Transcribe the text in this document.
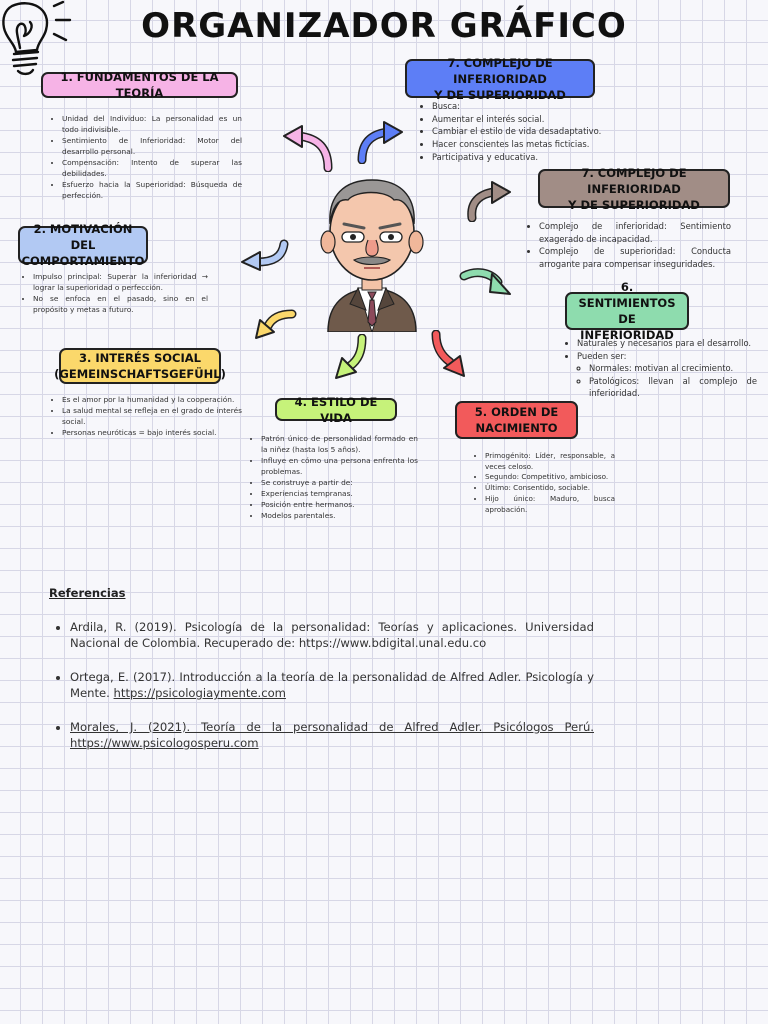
ORGANIZADOR GRÁFICO
1. FUNDAMENTOS DE LA TEORÍA
• Unidad del Individuo: La personalidad es un todo indivisible.
• Sentimiento de Inferioridad: Motor del desarrollo personal.
• Compensación: Intento de superar las debilidades.
• Esfuerzo hacia la Superioridad: Búsqueda de perfección.
7. COMPLEJO DE INFERIORIDAD
Y DE SUPERIORIDAD
• Busca:
• Aumentar el interés social.
• Cambiar el estilo de vida desadaptativo.
• Hacer conscientes las metas ficticias.
• Participativa y educativa.
7. COMPLEJO DE INFERIORIDAD
Y DE SUPERIORIDAD
• Complejo de inferioridad: Sentimiento exagerado de incapacidad.
• Complejo de superioridad: Conducta arrogante para compensar inseguridades.
2. MOTIVACIÓN DEL
COMPORTAMIENTO
• Impulso principal: Superar la inferioridad → lograr la superioridad o perfección.
• No se enfoca en el pasado, sino en el propósito y metas a futuro.
6. SENTIMIENTOS
DE INFERIORIDAD
• Naturales y necesarios para el desarrollo.
• Pueden ser:
◦ Normales: motivan al crecimiento.
◦ Patológicos: llevan al complejo de inferioridad.
3. INTERÉS SOCIAL
(GEMEINSCHAFTSGEFÜHL)
• Es el amor por la humanidad y la cooperación.
• La salud mental se refleja en el grado de interés social.
• Personas neuróticas = bajo interés social.
4. ESTILO DE VIDA
• Patrón único de personalidad formado en la niñez (hasta los 5 años).
• Influye en cómo una persona enfrenta los problemas.
• Se construye a partir de:
• Experiencias tempranas.
• Posición entre hermanos.
• Modelos parentales.
5. ORDEN DE
NACIMIENTO
• Primogénito: Líder, responsable, a veces celoso.
• Segundo: Competitivo, ambicioso.
• Último: Consentido, sociable.
• Hijo único: Maduro, busca aprobación.
Referencias
• Ardila, R. (2019). Psicología de la personalidad: Teorías y aplicaciones. Universidad Nacional de Colombia. Recuperado de: https://www.bdigital.unal.edu.co
• Ortega, E. (2017). Introducción a la teoría de la personalidad de Alfred Adler. Psicología y Mente. https://psicologiaymente.com
• Morales, J. (2021). Teoría de la personalidad de Alfred Adler. Psicólogos Perú. https://www.psicologosperu.com
